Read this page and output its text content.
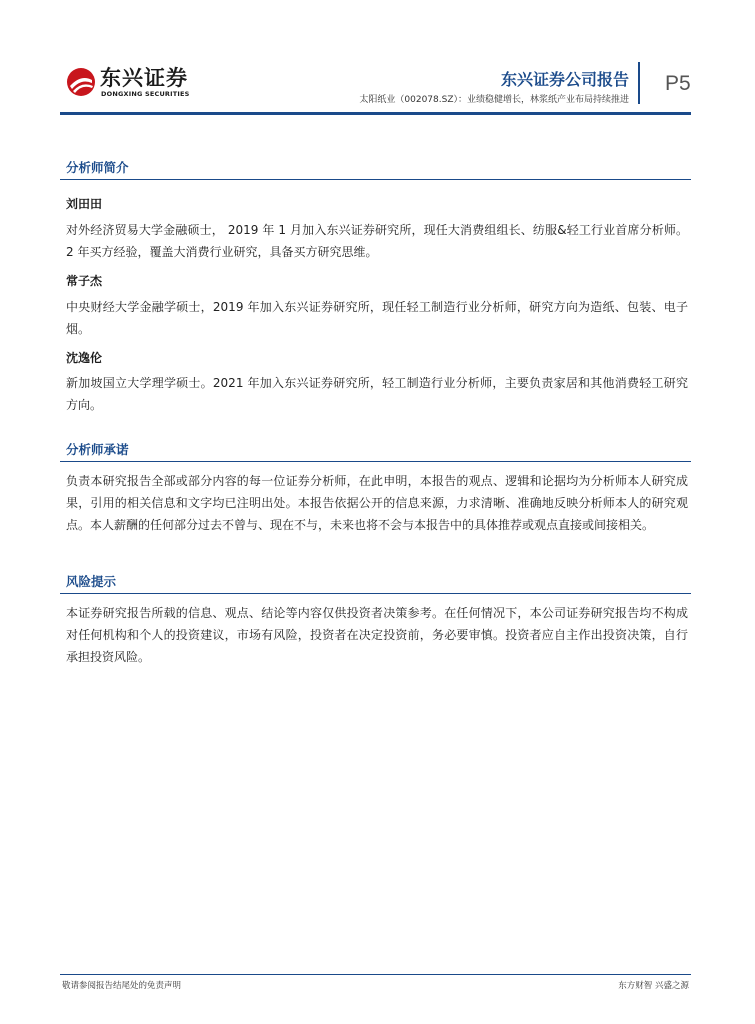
东兴证券
DONGXING SECURITIES
东兴证券公司报告
太阳纸业（002078.SZ）：业绩稳健增长，林浆纸产业布局持续推进
P5
分析师简介
刘田田

对外经济贸易大学金融硕士， 2019 年 1 月加入东兴证券研究所，现任大消费组组长、纺服&轻工行业首席分析师。2 年买方经验，覆盖大消费行业研究，具备买方研究思维。

常子杰

中央财经大学金融学硕士，2019 年加入东兴证券研究所，现任轻工制造行业分析师，研究方向为造纸、包装、电子烟。

沈逸伦

新加坡国立大学理学硕士。2021 年加入东兴证券研究所，轻工制造行业分析师，主要负责家居和其他消费轻工研究方向。

分析师承诺

负责本研究报告全部或部分内容的每一位证券分析师，在此申明，本报告的观点、逻辑和论据均为分析师本人研究成果，引用的相关信息和文字均已注明出处。本报告依据公开的信息来源，力求清晰、准确地反映分析师本人的研究观点。本人薪酬的任何部分过去不曾与、现在不与，未来也将不会与本报告中的具体推荐或观点直接或间接相关。

风险提示

本证券研究报告所载的信息、观点、结论等内容仅供投资者决策参考。在任何情况下，本公司证券研究报告均不构成对任何机构和个人的投资建议，市场有风险，投资者在决定投资前，务必要审慎。投资者应自主作出投资决策，自行承担投资风险。

敬请参阅报告结尾处的免责声明	东方财智 兴盛之源
